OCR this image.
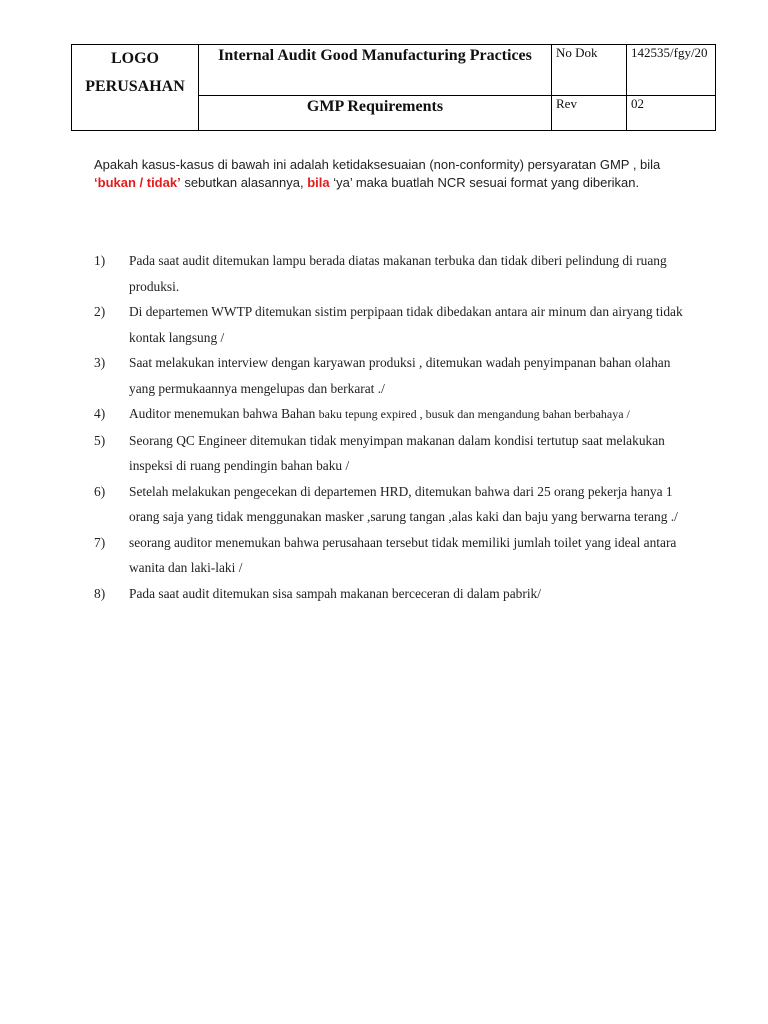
LOGO
PERUSAHAN	Internal Audit Good Manufacturing Practices	No Dok	142535/fgy/20
	GMP Requirements	Rev	02
Apakah kasus-kasus di bawah ini adalah ketidaksesuaian (non-conformity) persyaratan GMP , bila ‘bukan / tidak’ sebutkan alasannya, bila ‘ya’ maka buatlah NCR sesuai format yang diberikan.
1) Pada saat audit ditemukan lampu berada diatas makanan terbuka dan tidak diberi pelindung di ruang produksi.
2) Di departemen WWTP ditemukan sistim perpipaan tidak dibedakan antara air minum dan airyang tidak kontak langsung /
3) Saat melakukan interview dengan karyawan produksi , ditemukan wadah penyimpanan bahan olahan yang permukaannya mengelupas dan berkarat ./
4) Auditor menemukan bahwa Bahan baku tepung expired , busuk dan mengandung bahan berbahaya /
5) Seorang QC Engineer ditemukan tidak menyimpan makanan dalam kondisi tertutup saat melakukan inspeksi di ruang pendingin bahan baku /
6) Setelah melakukan pengecekan di departemen HRD, ditemukan bahwa dari 25 orang pekerja hanya 1 orang saja yang tidak menggunakan masker ,sarung tangan ,alas kaki dan baju yang berwarna terang ./
7) seorang auditor menemukan bahwa perusahaan tersebut tidak memiliki jumlah toilet yang ideal antara wanita dan laki-laki /
8) Pada saat audit ditemukan sisa sampah makanan berceceran di dalam pabrik/
